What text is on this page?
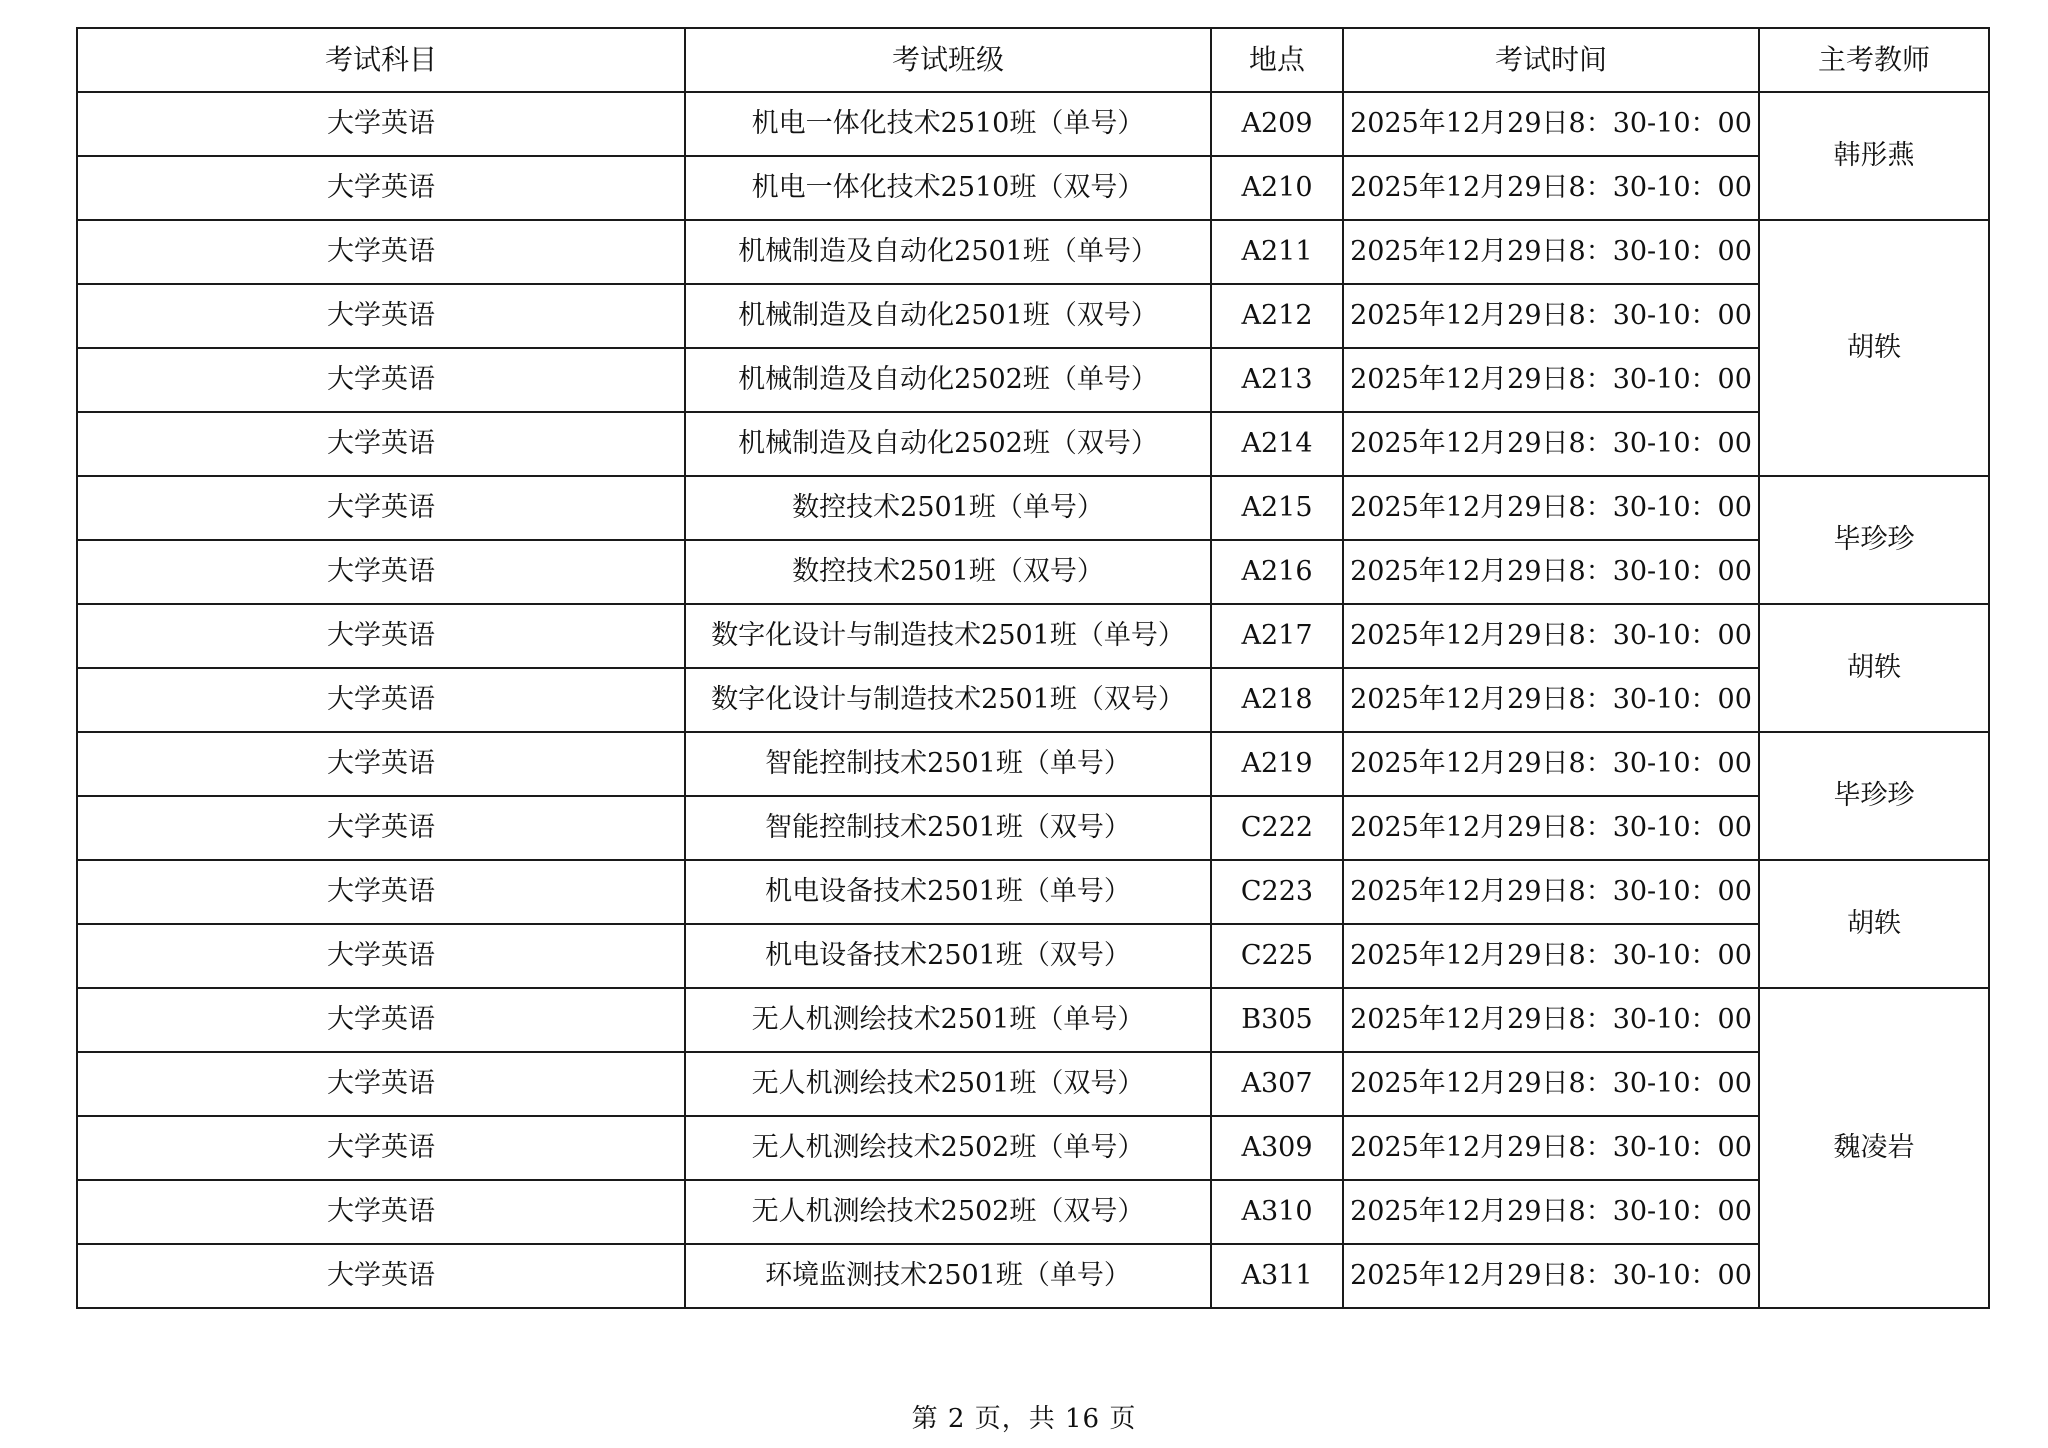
考试科目	考试班级	地点	考试时间	主考教师
大学英语	机电一体化技术2510班（单号）	A209	2025年12月29日8：30-10：00	韩彤燕
大学英语	机电一体化技术2510班（双号）	A210	2025年12月29日8：30-10：00	
大学英语	机械制造及自动化2501班（单号）	A211	2025年12月29日8：30-10：00	胡轶
大学英语	机械制造及自动化2501班（双号）	A212	2025年12月29日8：30-10：00	
大学英语	机械制造及自动化2502班（单号）	A213	2025年12月29日8：30-10：00	
大学英语	机械制造及自动化2502班（双号）	A214	2025年12月29日8：30-10：00	
大学英语	数控技术2501班（单号）	A215	2025年12月29日8：30-10：00	毕珍珍
大学英语	数控技术2501班（双号）	A216	2025年12月29日8：30-10：00	
大学英语	数字化设计与制造技术2501班（单号）	A217	2025年12月29日8：30-10：00	胡轶
大学英语	数字化设计与制造技术2501班（双号）	A218	2025年12月29日8：30-10：00	
大学英语	智能控制技术2501班（单号）	A219	2025年12月29日8：30-10：00	毕珍珍
大学英语	智能控制技术2501班（双号）	C222	2025年12月29日8：30-10：00	
大学英语	机电设备技术2501班（单号）	C223	2025年12月29日8：30-10：00	胡轶
大学英语	机电设备技术2501班（双号）	C225	2025年12月29日8：30-10：00	
大学英语	无人机测绘技术2501班（单号）	B305	2025年12月29日8：30-10：00	魏凌岩
大学英语	无人机测绘技术2501班（双号）	A307	2025年12月29日8：30-10：00	
大学英语	无人机测绘技术2502班（单号）	A309	2025年12月29日8：30-10：00	
大学英语	无人机测绘技术2502班（双号）	A310	2025年12月29日8：30-10：00	
大学英语	环境监测技术2501班（单号）	A311	2025年12月29日8：30-10：00	
第 2 页，共 16 页
